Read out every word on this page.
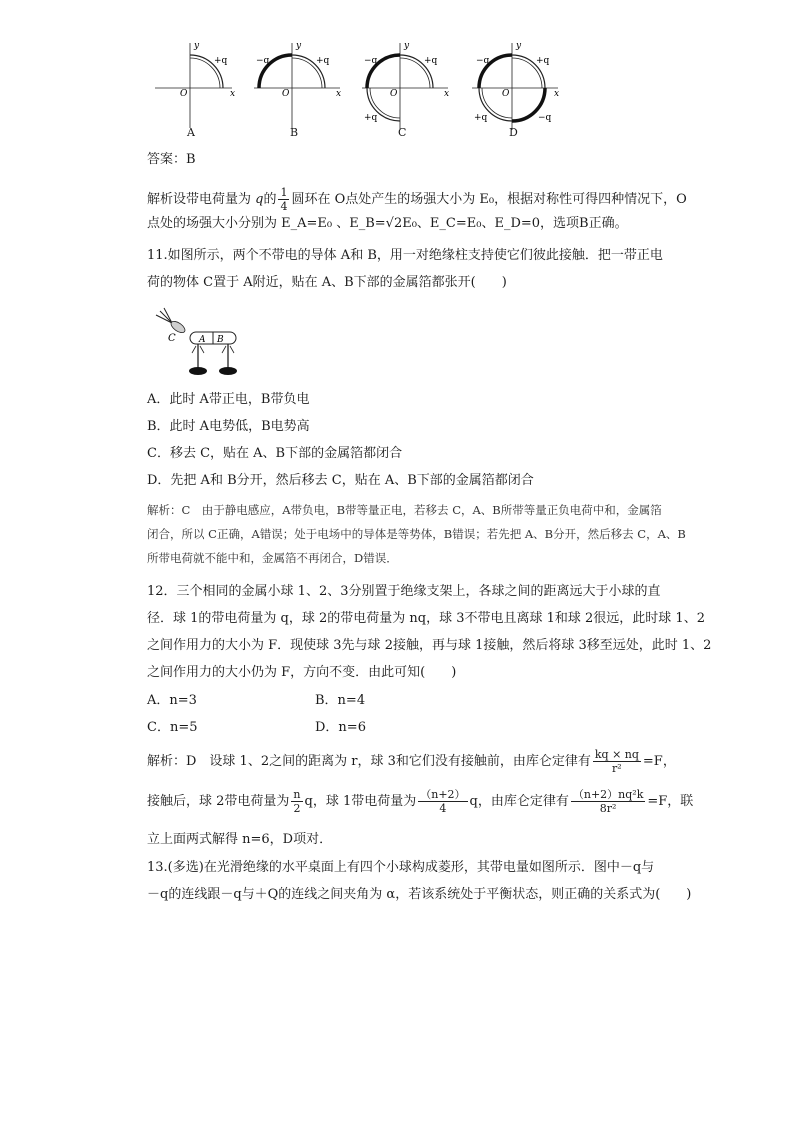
y
x
O
+q
A
y
x
O
−q	+q
B
y
x
O
−q	+q
+q
C
y
x
O
−q	+q
+q	−q
D
答案：B
解析设带电荷量为 q的 $\frac{1}{4}$ 圆环在 O点处产生的场强大小为 E₀，根据对称性可得四种情况下，O
点处的场强大小分别为 E_A=E₀ 、E_B=√2E₀、E_C=E₀、E_D=0，选项B正确。
11.如图所示，两个不带电的导体 A和 B，用一对绝缘柱支持使它们彼此接触．把一带正电
荷的物体 C置于 A附近，贴在 A、B下部的金属箔都张开(　　)
C	A B
A．此时 A带正电，B带负电
B．此时 A电势低，B电势高
C．移去 C，贴在 A、B下部的金属箔都闭合
D．先把 A和 B分开，然后移去 C，贴在 A、B下部的金属箔都闭合
解析：C　由于静电感应，A带负电，B带等量正电，若移去 C，A、B所带等量正负电荷中和，金属箔
闭合，所以 C正确，A错误；处于电场中的导体是等势体，B错误；若先把 A、B分开，然后移去 C，A、B
所带电荷就不能中和，金属箔不再闭合，D错误．
12．三个相同的金属小球 1、2、3分别置于绝缘支架上，各球之间的距离远大于小球的直
径．球 1的带电荷量为 q，球 2的带电荷量为 nq，球 3不带电且离球 1和球 2很远，此时球 1、2
之间作用力的大小为 F．现使球 3先与球 2接触，再与球 1接触，然后将球 3移至远处，此时 1、2
之间作用力的大小仍为 F，方向不变．由此可知(　　)
A．n=3	B．n=4
C．n=5	D．n=6
解析：D　设球 1、2之间的距离为 r，球 3和它们没有接触前，由库仑定律有 $\frac{kq \times nq}{\text{r²}} =F$，
接触后，球 2带电荷量为 $\frac{n}{2}$ q，球 1带电荷量为 $\frac{(n+2)}{4}$ q，由库仑定律有 $\frac{\text{（n+2）nq²k}}{\text{8r²}} =F$，联
立上面两式解得 n=6，D项对．
13.(多选)在光滑绝缘的水平桌面上有四个小球构成菱形，其带电量如图所示．图中－q与
－q的连线跟－q与＋Q的连线之间夹角为 α，若该系统处于平衡状态，则正确的关系式为(　　)
